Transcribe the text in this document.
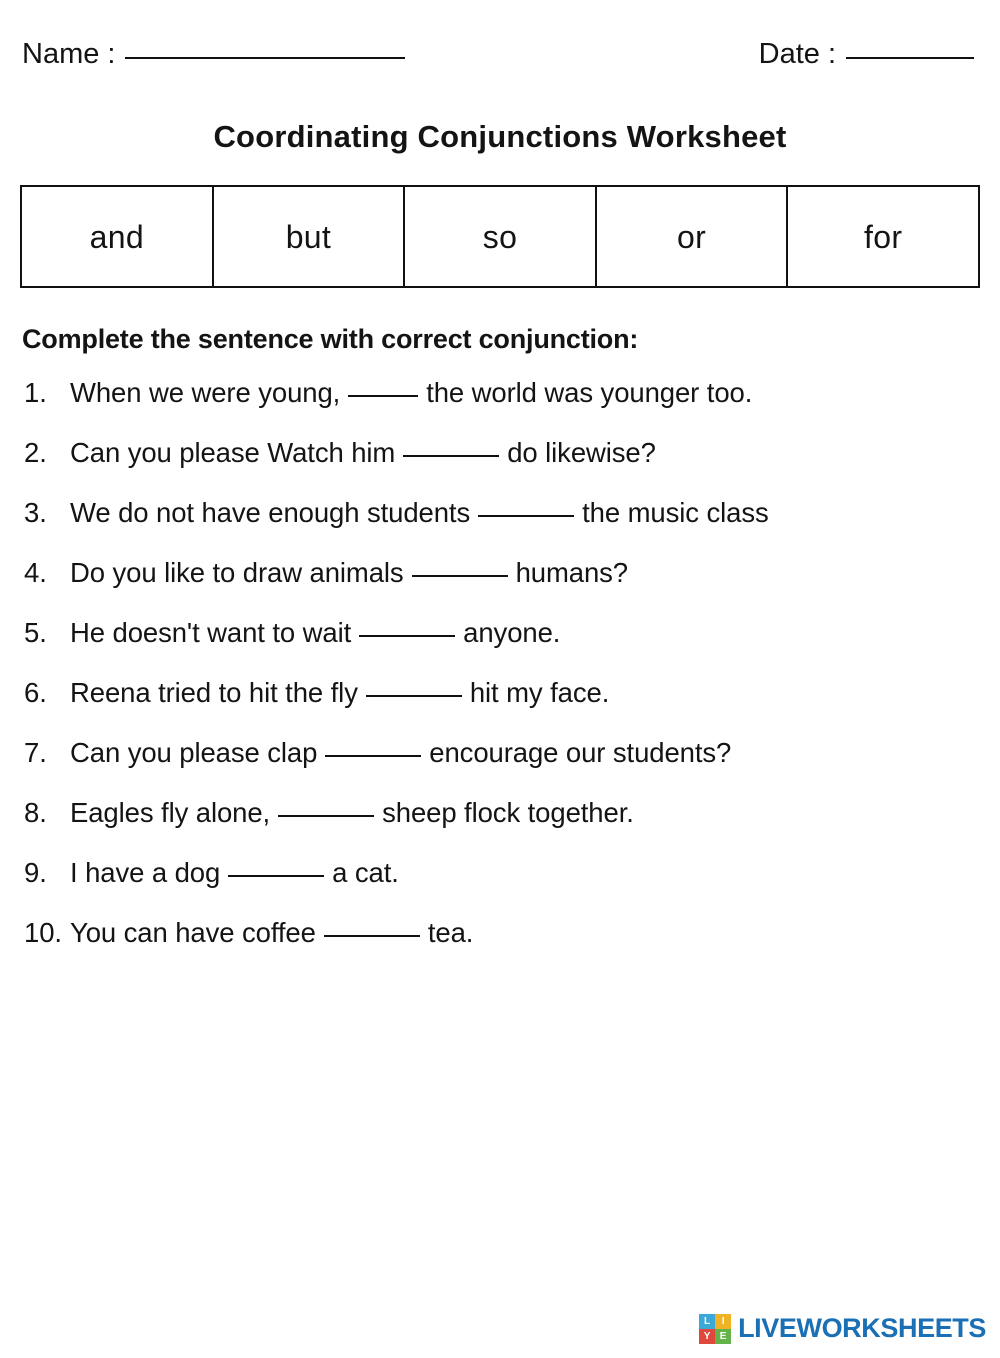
Name :	Date :
Coordinating Conjunctions Worksheet
and	but	so	or	for
Complete the sentence with correct conjunction:
1. When we were young,	the world was younger too.
2. Can you please Watch him	do likewise?
3. We do not have enough students	the music class
4. Do you like to draw animals	humans?
5. He doesn't want to wait	anyone.
6. Reena tried to hit the fly	hit my face.
7. Can you please clap	encourage our students?
8. Eagles fly alone,	sheep flock together.
9. I have a dog	a cat.
10. You can have coffee	tea.
L	I
Y E LIVEWORKSHEETS
